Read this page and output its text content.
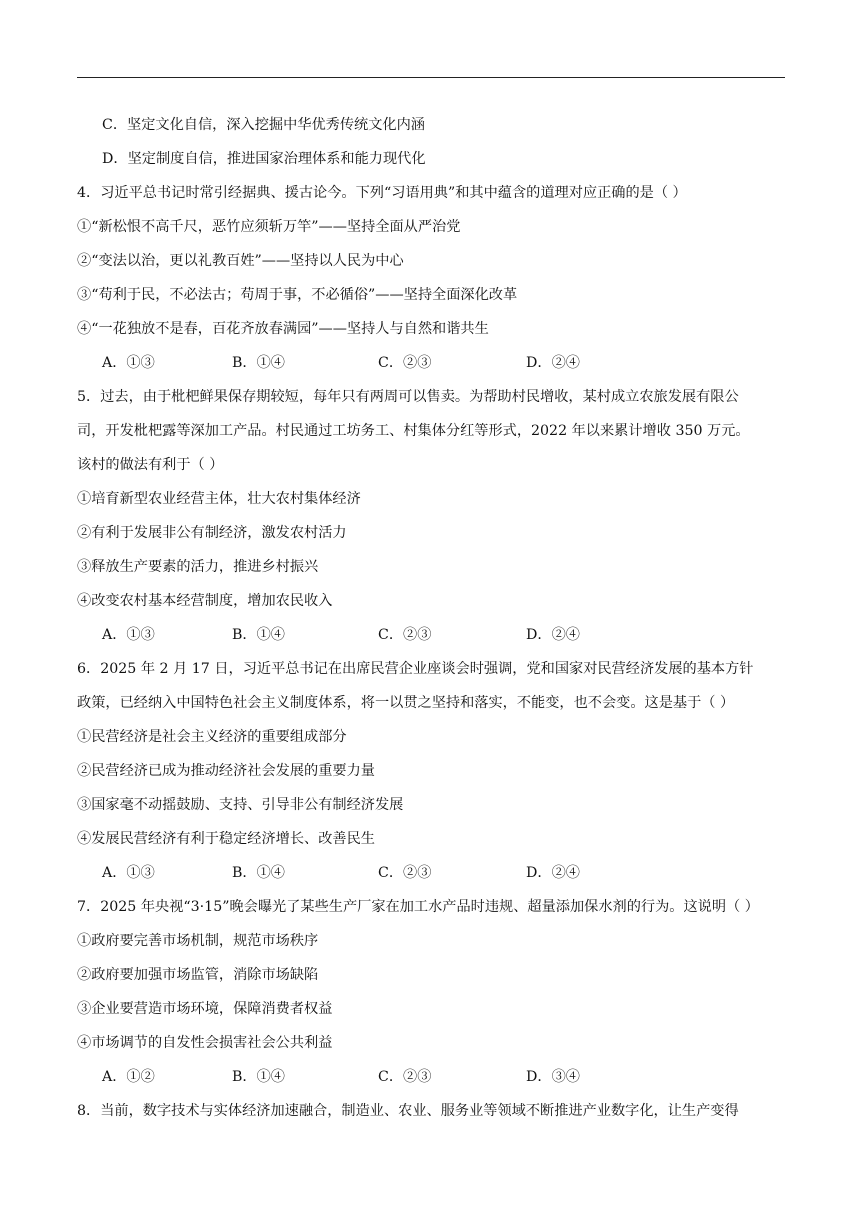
C．坚定文化自信，深入挖掘中华优秀传统文化内涵
D．坚定制度自信，推进国家治理体系和能力现代化
4．习近平总书记时常引经据典、援古论今。下列“习语用典”和其中蕴含的道理对应正确的是（ ）
①“新松恨不高千尺，恶竹应须斩万竿”——坚持全面从严治党
②“变法以治，更以礼教百姓”——坚持以人民为中心
③“苟利于民，不必法古；苟周于事，不必循俗”——坚持全面深化改革
④“一花独放不是春，百花齐放春满园”——坚持人与自然和谐共生
A．①③	B．①④	C．②③	D．②④
5．过去，由于枇杷鲜果保存期较短，每年只有两周可以售卖。为帮助村民增收，某村成立农旅发展有限公
司，开发枇杷露等深加工产品。村民通过工坊务工、村集体分红等形式，2022 年以来累计增收 350 万元。
该村的做法有利于（ ）
①培育新型农业经营主体，壮大农村集体经济
②有利于发展非公有制经济，激发农村活力
③释放生产要素的活力，推进乡村振兴
④改变农村基本经营制度，增加农民收入
A．①③	B．①④	C．②③	D．②④
6．2025 年 2 月 17 日，习近平总书记在出席民营企业座谈会时强调，党和国家对民营经济发展的基本方针
政策，已经纳入中国特色社会主义制度体系，将一以贯之坚持和落实，不能变，也不会变。这是基于（ ）
①民营经济是社会主义经济的重要组成部分
②民营经济已成为推动经济社会发展的重要力量
③国家毫不动摇鼓励、支持、引导非公有制经济发展
④发展民营经济有利于稳定经济增长、改善民生
A．①③	B．①④	C．②③	D．②④
7．2025 年央视“3·15”晚会曝光了某些生产厂家在加工水产品时违规、超量添加保水剂的行为。这说明（ ）
①政府要完善市场机制，规范市场秩序
②政府要加强市场监管，消除市场缺陷
③企业要营造市场环境，保障消费者权益
④市场调节的自发性会损害社会公共利益
A．①②	B．①④	C．②③	D．③④
8．当前，数字技术与实体经济加速融合，制造业、农业、服务业等领域不断推进产业数字化，让生产变得
